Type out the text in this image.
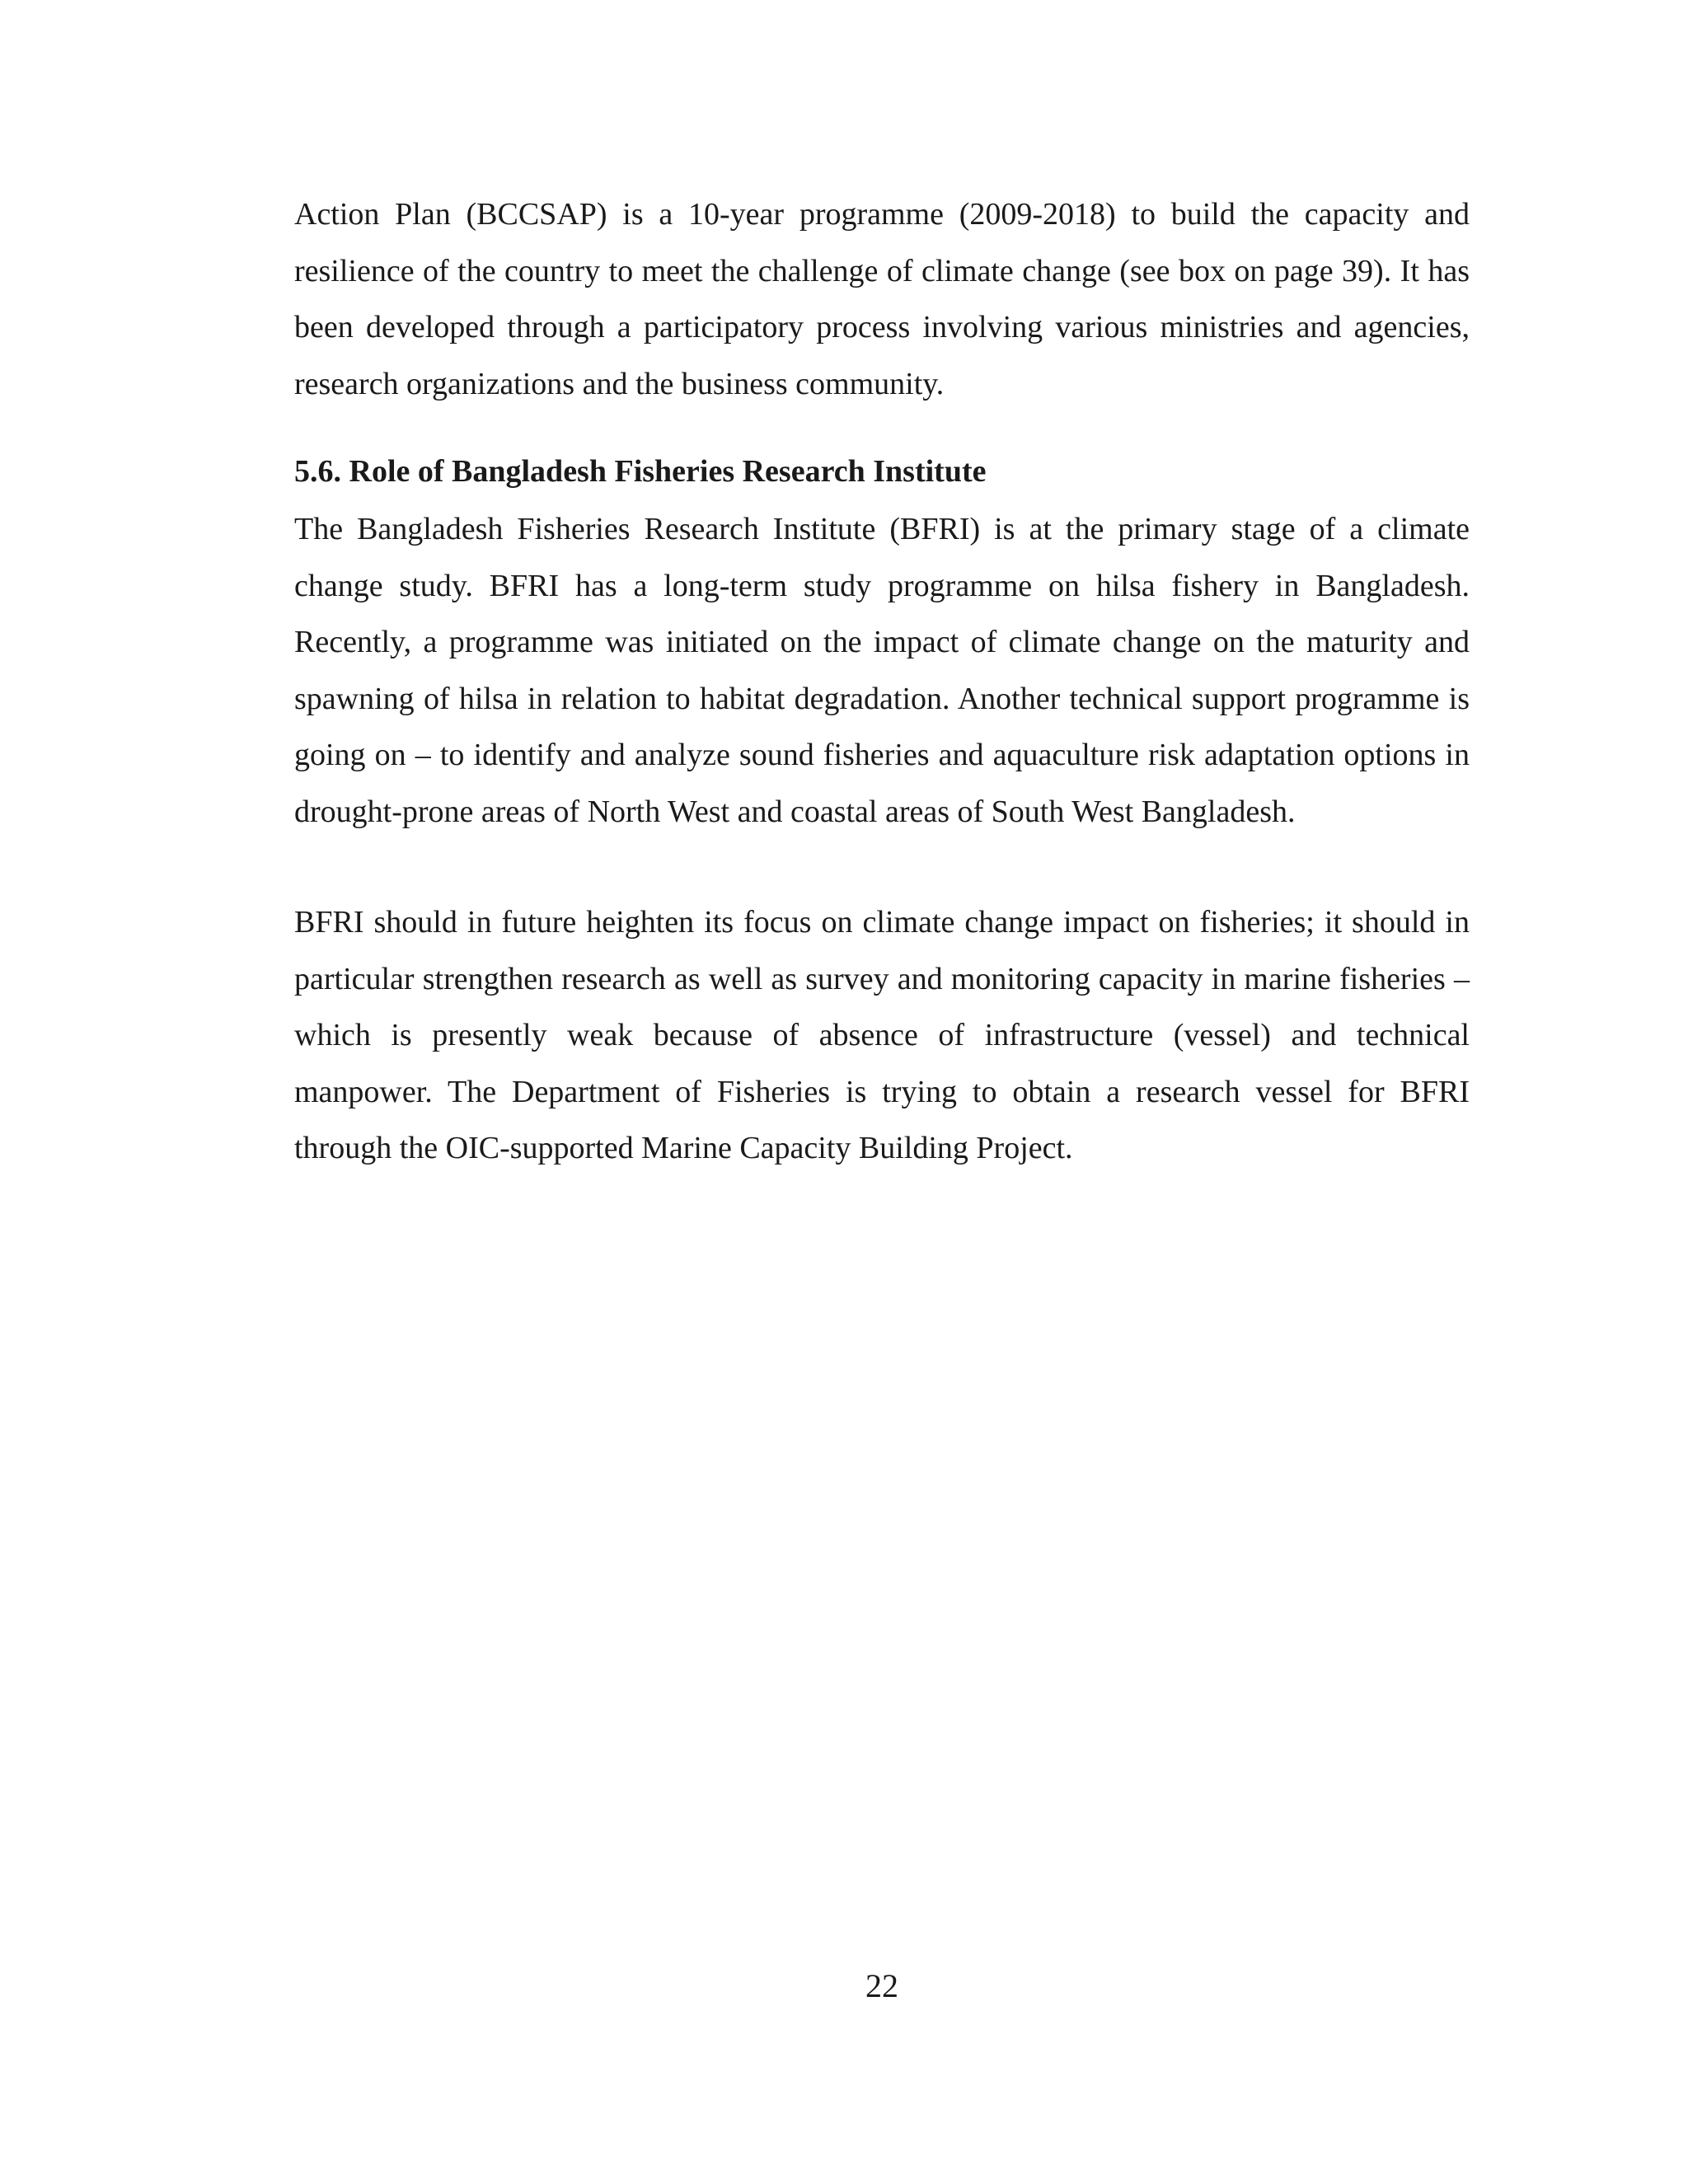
Action Plan (BCCSAP) is a 10-year programme (2009-2018) to build the capacity and resilience of the country to meet the challenge of climate change (see box on page 39). It has been developed through a participatory process involving various ministries and agencies, research organizations and the business community.

5.6. Role of Bangladesh Fisheries Research Institute

The Bangladesh Fisheries Research Institute (BFRI) is at the primary stage of a climate change study. BFRI has a long-term study programme on hilsa fishery in Bangladesh. Recently, a programme was initiated on the impact of climate change on the maturity and spawning of hilsa in relation to habitat degradation. Another technical support programme is going on – to identify and analyze sound fisheries and aquaculture risk adaptation options in drought-prone areas of North West and coastal areas of South West Bangladesh.

BFRI should in future heighten its focus on climate change impact on fisheries; it should in particular strengthen research as well as survey and monitoring capacity in marine fisheries – which is presently weak because of absence of infrastructure (vessel) and technical manpower. The Department of Fisheries is trying to obtain a research vessel for BFRI through the OIC-supported Marine Capacity Building Project.

22
